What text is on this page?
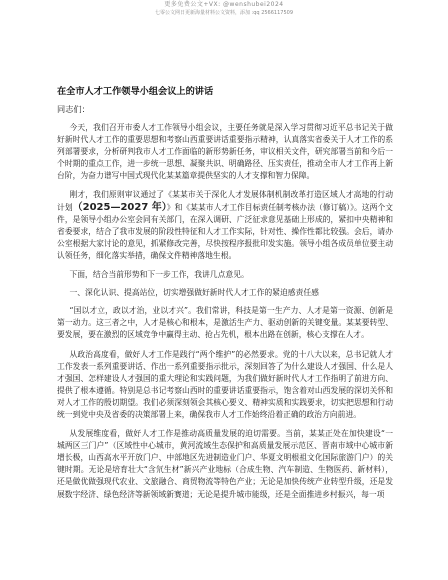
更多免费公文+VX: @wenshubei2024
七零公文网日更新海量材料公文资料，添加 :qq 2566117509
在全市人才工作领导小组会议上的讲话
同志们：

今天，我们召开市委人才工作领导小组会议，主要任务就是深入学习贯彻习近平总书记关于做好新时代人才工作的重要思想和考察山西重要讲话重要指示精神，认真落实省委关于人才工作的系列部署要求，分析研判我市人才工作面临的新形势新任务，审议相关文件，研究部署当前和今后一个时期的重点工作，进一步统一思想、凝聚共识、明确路径、压实责任，推动全市人才工作再上新台阶，为奋力谱写中国式现代化某某篇章提供坚实的人才支撑和智力保障。

刚才，我们原则审议通过了《某某市关于深化人才发展体制机制改革打造区域人才高地的行动计划（2025—2027 年）》和《某某市人才工作目标责任制考核办法（修订稿）》。这两个文件，是领导小组办公室会同有关部门，在深入调研、广泛征求意见基础上形成的，紧扣中央精神和省委要求，结合了我市发展的阶段性特征和人才工作实际，针对性、操作性都比较强。会后，请办公室根据大家讨论的意见，抓紧修改完善，尽快按程序报批印发实施。领导小组各成员单位要主动认领任务，细化落实举措，确保文件精神落地生根。

下面，结合当前形势和下一步工作，我讲几点意见。

一、深化认识、提高站位，切实增强做好新时代人才工作的紧迫感责任感

“国以才立，政以才治，业以才兴”。我们常讲，科技是第一生产力、人才是第一资源、创新是第一动力。这三者之中，人才是核心和根本，是激活生产力、驱动创新的关键变量。某某要转型、要发展，要在激烈的区域竞争中赢得主动、抢占先机，根本出路在创新，核心支撑在人才。

从政治高度看，做好人才工作是践行“两个维护”的必然要求。党的十八大以来，总书记就人才工作发表一系列重要讲话、作出一系列重要指示批示，深刻回答了为什么建设人才强国、什么是人才强国、怎样建设人才强国的重大理论和实践问题，为我们做好新时代人才工作指明了前进方向、提供了根本遵循。特别是总书记考察山西时的重要讲话重要指示，饱含着对山西发展的深切关怀和对人才工作的殷切期望。我们必须深刻领会其核心要义、精神实质和实践要求，切实把思想和行动统一到党中央及省委的决策部署上来，确保我市人才工作始终沿着正确的政治方向前进。

从发展维度看，做好人才工作是推动高质量发展的迫切需要。当前，某某正处在加快建设“一城两区三门户”（区域性中心城市，黄河流域生态保护和高质量发展示范区、晋南市域中心城市新增长极，山西高水平开放门户、中部地区先进制造业门户、华夏文明根祖文化国际旅游门户）的关键时期。无论是培育壮大“含氘生材”新兴产业地标（合成生物、汽车制造、生物医药、新材料），还是做优做强现代农业、文旅融合、商贸物流等特色产业；无论是加快传统产业转型升级，还是发展数字经济、绿色经济等新领域新赛道；无论是提升城市能级，还是全面推进乡村振兴，每一项
